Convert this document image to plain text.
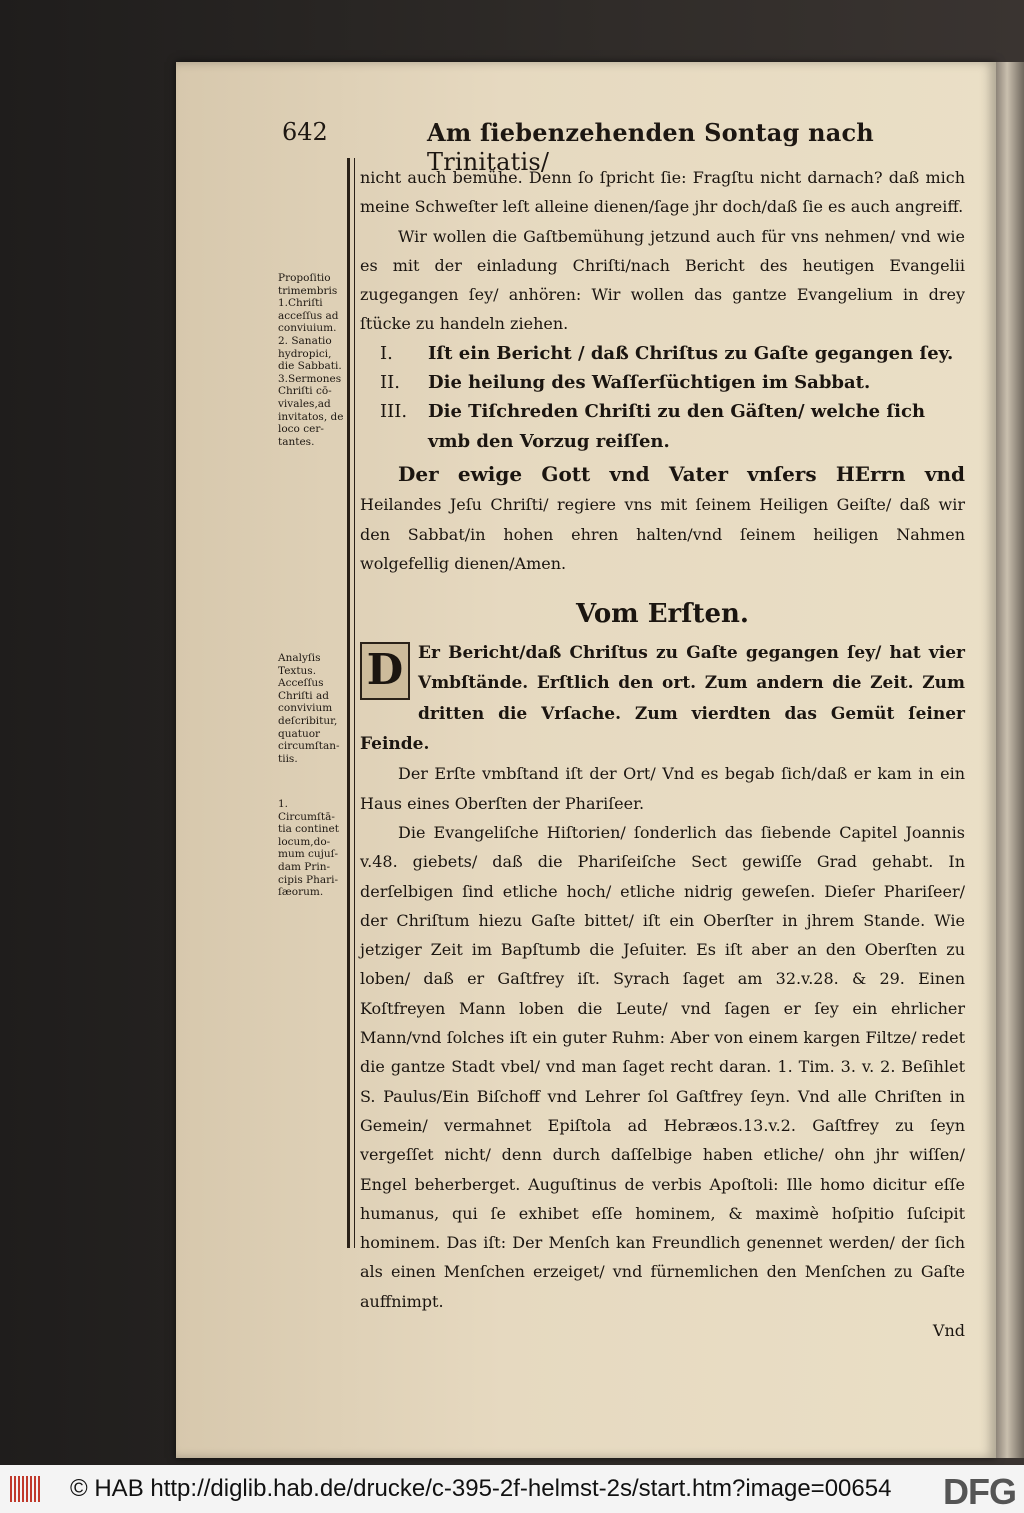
642	Am ſiebenzehenden Sontag nach Trinitatis/
Propoſitio trimembris 1.Chriſti acceſſus ad conviuium. 2. Sanatio hydropici, die Sabbati. 3.Sermones Chriſti cō-vivales,ad invitatos, de loco cer-tantes.
Analyſis Textus. Acceſſus Chriſti ad convivium deſcribitur, quatuor circumſtan-tiis.
1. Circumſtā-tia continet locum,do-mum cujuſ-dam Prin-cipis Phari-ſæorum.

nicht auch bemühe. Denn ſo ſpricht ſie: Fragſtu nicht darnach? daß mich meine Schweſter leſt alleine dienen/ſage jhr doch/daß ſie es auch angreiff.

Wir wollen die Gaſtbemühung jetzund auch für vns nehmen/ vnd wie es mit der einladung Chriſti/nach Bericht des heutigen Evangelii zugegangen ſey/ anhören: Wir wollen das gantze Evangelium in drey ſtücke zu handeln ziehen.

I.	Iſt ein Bericht / daß Chriſtus zu Gaſte gegangen ſey.
II.	Die heilung des Waſſerſüchtigen im Sabbat.
III.	Die Tiſchreden Chriſti zu den Gäſten/ welche ſich vmb den Vorzug reiſſen.

Der ewige Gott vnd Vater vnſers HErrn vnd Heilandes Jeſu Chriſti/ regiere vns mit ſeinem Heiligen Geiſte/ daß wir den Sabbat/in hohen ehren halten/vnd ſeinem heiligen Nahmen wolgefellig dienen/Amen.

Vom Erſten.

D Er Bericht/daß Chriſtus zu Gaſte gegangen ſey/ hat vier Vmbſtände. Erſtlich den ort. Zum andern die Zeit. Zum dritten die Vrſache. Zum vierdten das Gemüt ſeiner Feinde.

Der Erſte vmbſtand iſt der Ort/ Vnd es begab ſich/daß er kam in ein Haus eines Oberſten der Phariſeer.

Die Evangeliſche Hiſtorien/ ſonderlich das ſiebende Capitel Joannis v.48. giebets/ daß die Phariſeiſche Sect gewiſſe Grad gehabt. In derſelbigen ſind etliche hoch/ etliche nidrig geweſen. Dieſer Phariſeer/ der Chriſtum hiezu Gaſte bittet/ iſt ein Oberſter in jhrem Stande. Wie jetziger Zeit im Bapſtumb die Jeſuiter. Es iſt aber an den Oberſten zu loben/ daß er Gaſtfrey iſt. Syrach ſaget am 32.v.28. & 29. Einen Koſtfreyen Mann loben die Leute/ vnd ſagen er ſey ein ehrlicher Mann/vnd ſolches iſt ein guter Ruhm: Aber von einem kargen Filtze/ redet die gantze Stadt vbel/ vnd man ſaget recht daran. 1. Tim. 3. v. 2. Beſihlet S. Paulus/Ein Biſchoff vnd Lehrer ſol Gaſtfrey ſeyn. Vnd alle Chriſten in Gemein/ vermahnet Epiſtola ad Hebræos.13.v.2. Gaſtfrey zu ſeyn vergeſſet nicht/ denn durch daſſelbige haben etliche/ ohn jhr wiſſen/ Engel beherberget. Auguſtinus de verbis Apoſtoli: Ille homo dicitur eſſe humanus, qui ſe exhibet eſſe hominem, & maximè hoſpitio ſuſcipit hominem. Das iſt: Der Menſch kan Freundlich genennet werden/ der ſich als einen Menſchen erzeiget/ vnd fürnemlichen den Menſchen zu Gaſte auffnimpt.

Vnd

© HAB http://diglib.hab.de/drucke/c-395-2f-helmst-2s/start.htm?image=00654 DFG
